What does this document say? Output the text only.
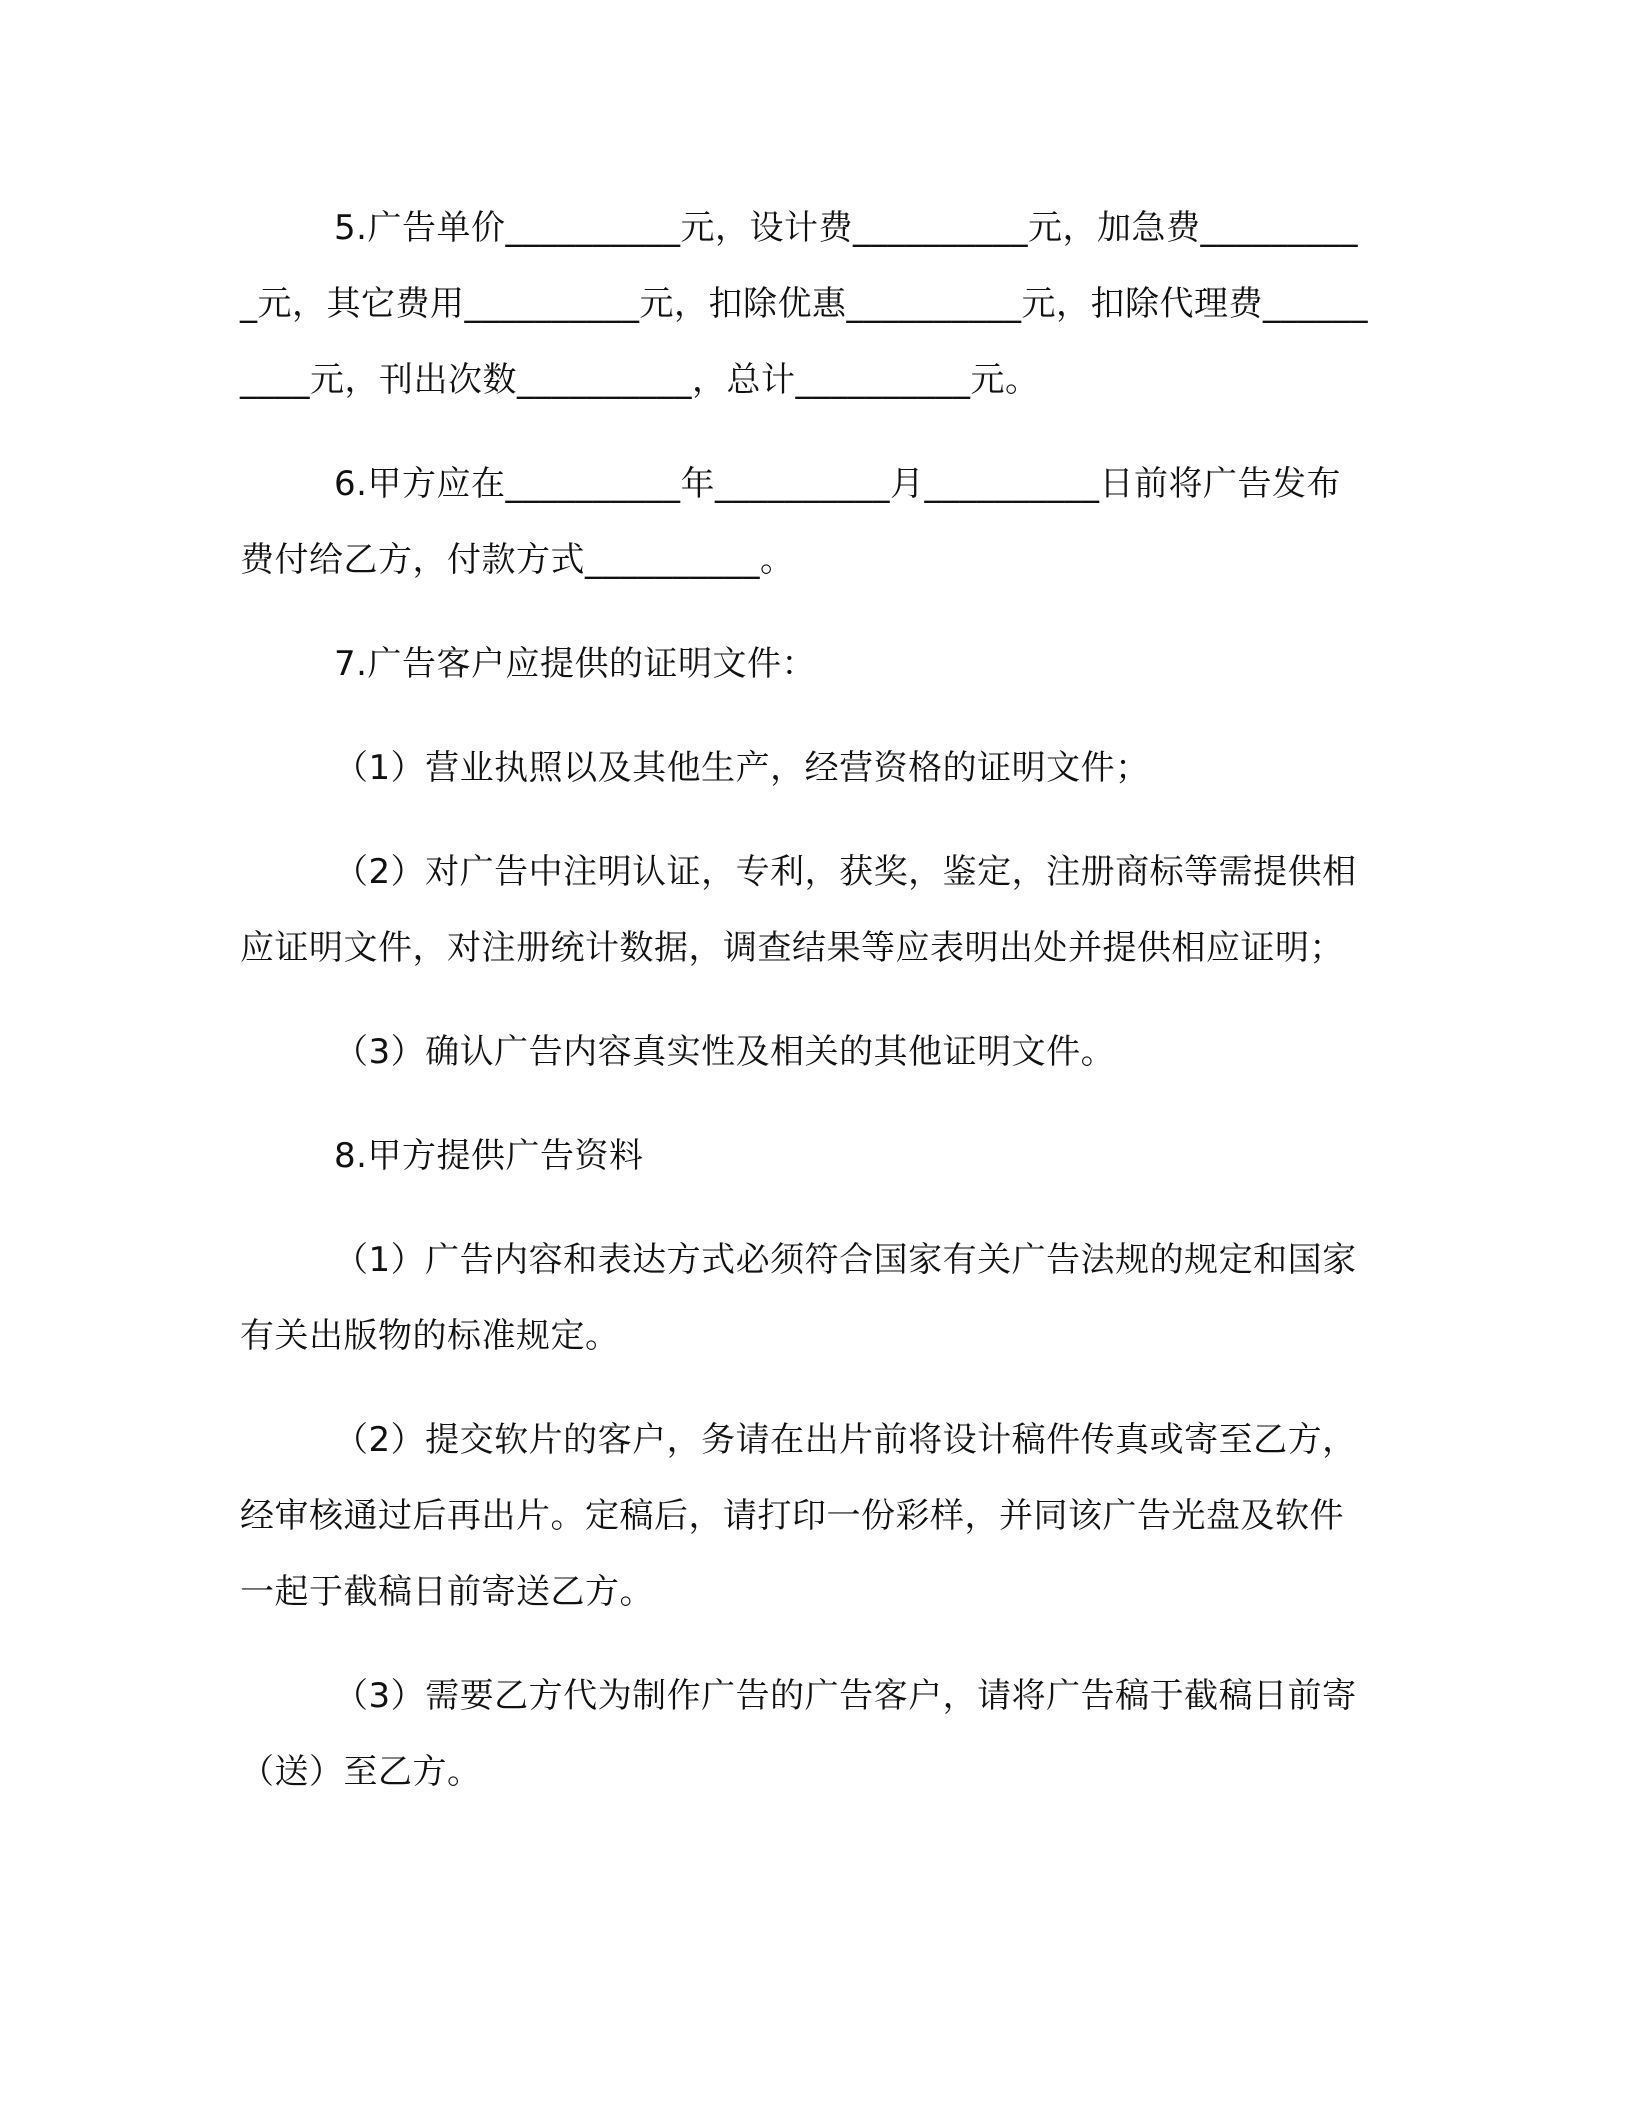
5.广告单价__________元，设计费__________元，加急费__________元，其它费用__________元，扣除优惠__________元，扣除代理费__________元，刊出次数__________，总计__________元。

6.甲方应在__________年__________月__________日前将广告发布费付给乙方，付款方式__________。

7.广告客户应提供的证明文件：

（1）营业执照以及其他生产，经营资格的证明文件；

（2）对广告中注明认证，专利，获奖，鉴定，注册商标等需提供相应证明文件，对注册统计数据，调查结果等应表明出处并提供相应证明；

（3）确认广告内容真实性及相关的其他证明文件。

8.甲方提供广告资料

（1）广告内容和表达方式必须符合国家有关广告法规的规定和国家有关出版物的标准规定。

（2）提交软片的客户，务请在出片前将设计稿件传真或寄至乙方，经审核通过后再出片。定稿后，请打印一份彩样，并同该广告光盘及软件一起于截稿日前寄送乙方。

（3）需要乙方代为制作广告的广告客户，请将广告稿于截稿日前寄（送）至乙方。
